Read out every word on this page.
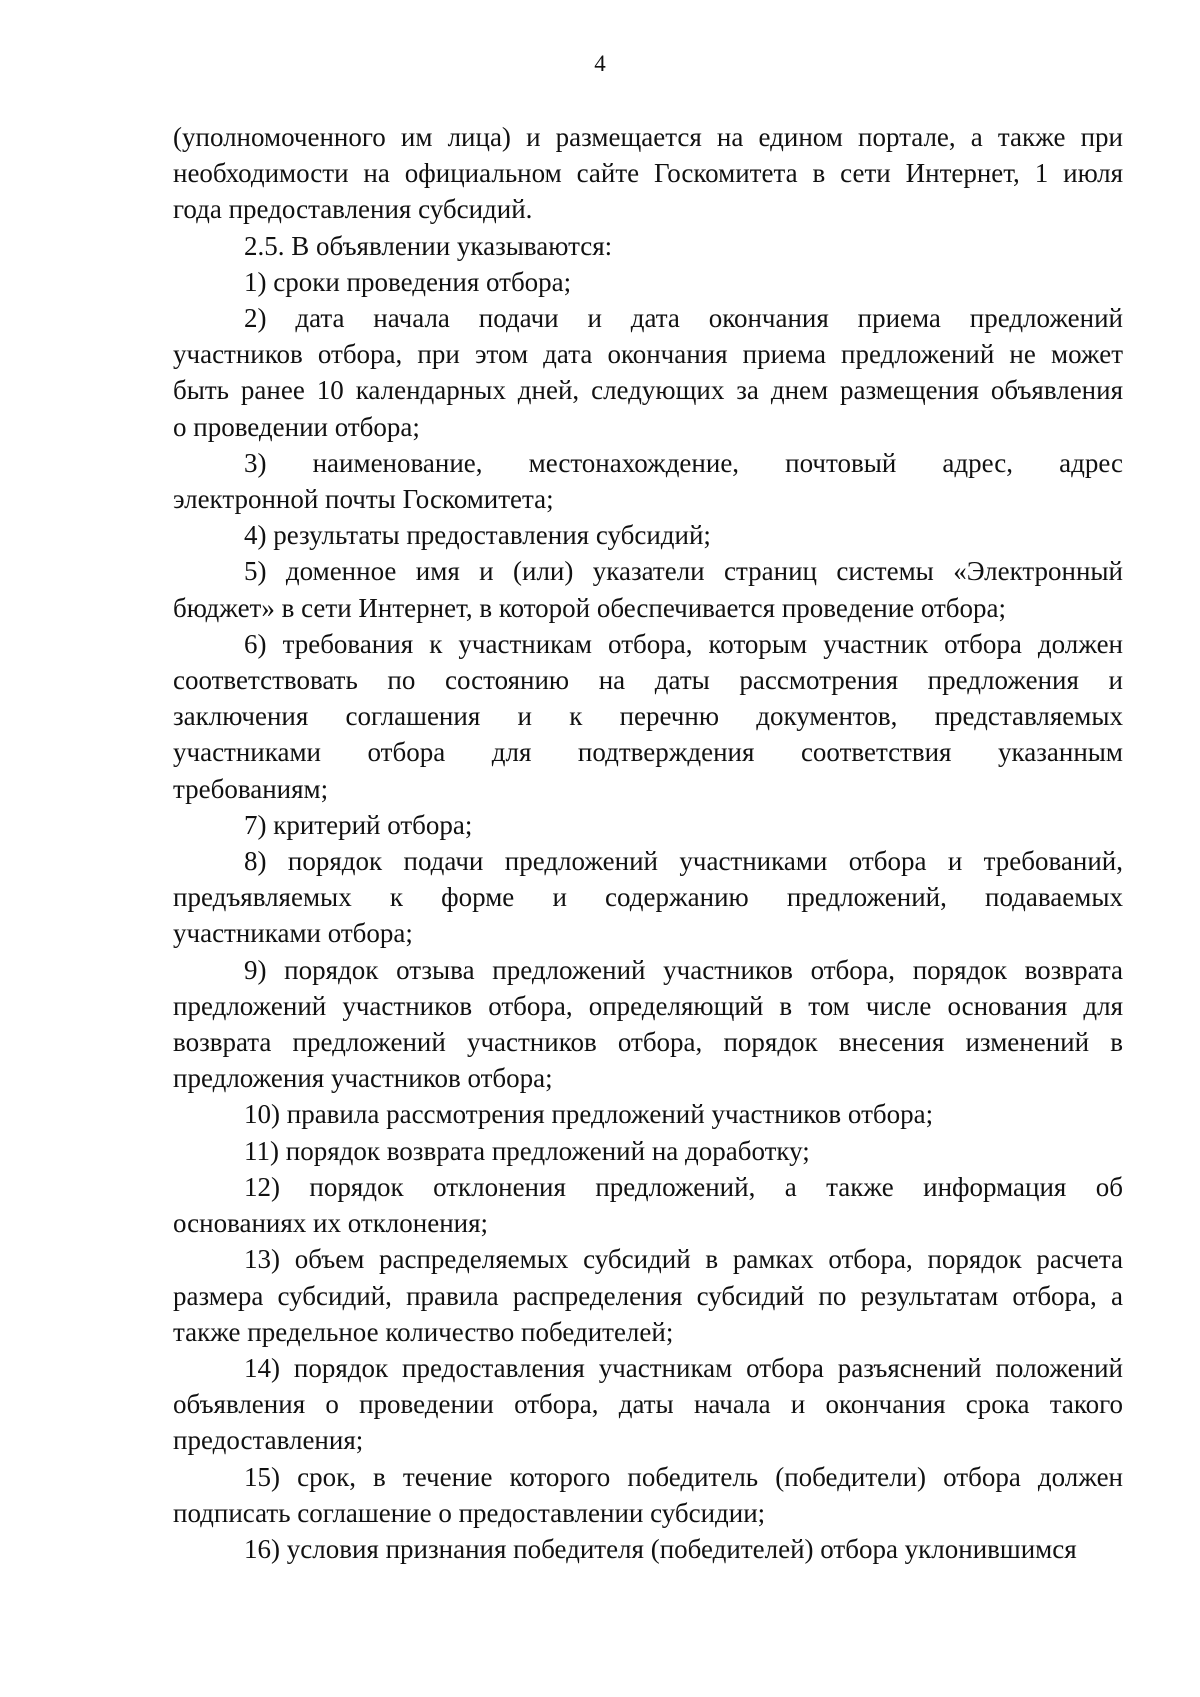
4

(уполномоченного им лица) и размещается на едином портале, а также при
необходимости на официальном сайте Госкомитета в сети Интернет, 1 июля
года предоставления субсидий.

2.5. В объявлении указываются:

1) сроки проведения отбора;

2) дата начала подачи и дата окончания приема предложений
участников отбора, при этом дата окончания приема предложений не может
быть ранее 10 календарных дней, следующих за днем размещения объявления
о проведении отбора;

3) наименование, местонахождение, почтовый адрес, адрес
электронной почты Госкомитета;

4) результаты предоставления субсидий;

5) доменное имя и (или) указатели страниц системы «Электронный
бюджет» в сети Интернет, в которой обеспечивается проведение отбора;

6) требования к участникам отбора, которым участник отбора должен
соответствовать по состоянию на даты рассмотрения предложения и
заключения соглашения и к перечню документов, представляемых
участниками отбора для подтверждения соответствия указанным
требованиям;

7) критерий отбора;

8) порядок подачи предложений участниками отбора и требований,
предъявляемых к форме и содержанию предложений, подаваемых
участниками отбора;

9) порядок отзыва предложений участников отбора, порядок возврата
предложений участников отбора, определяющий в том числе основания для
возврата предложений участников отбора, порядок внесения изменений в
предложения участников отбора;

10) правила рассмотрения предложений участников отбора;

11) порядок возврата предложений на доработку;

12) порядок отклонения предложений, а также информация об
основаниях их отклонения;

13) объем распределяемых субсидий в рамках отбора, порядок расчета
размера субсидий, правила распределения субсидий по результатам отбора, а
также предельное количество победителей;

14) порядок предоставления участникам отбора разъяснений положений
объявления о проведении отбора, даты начала и окончания срока такого
предоставления;

15) срок, в течение которого победитель (победители) отбора должен
подписать соглашение о предоставлении субсидии;

16) условия признания победителя (победителей) отбора уклонившимся
